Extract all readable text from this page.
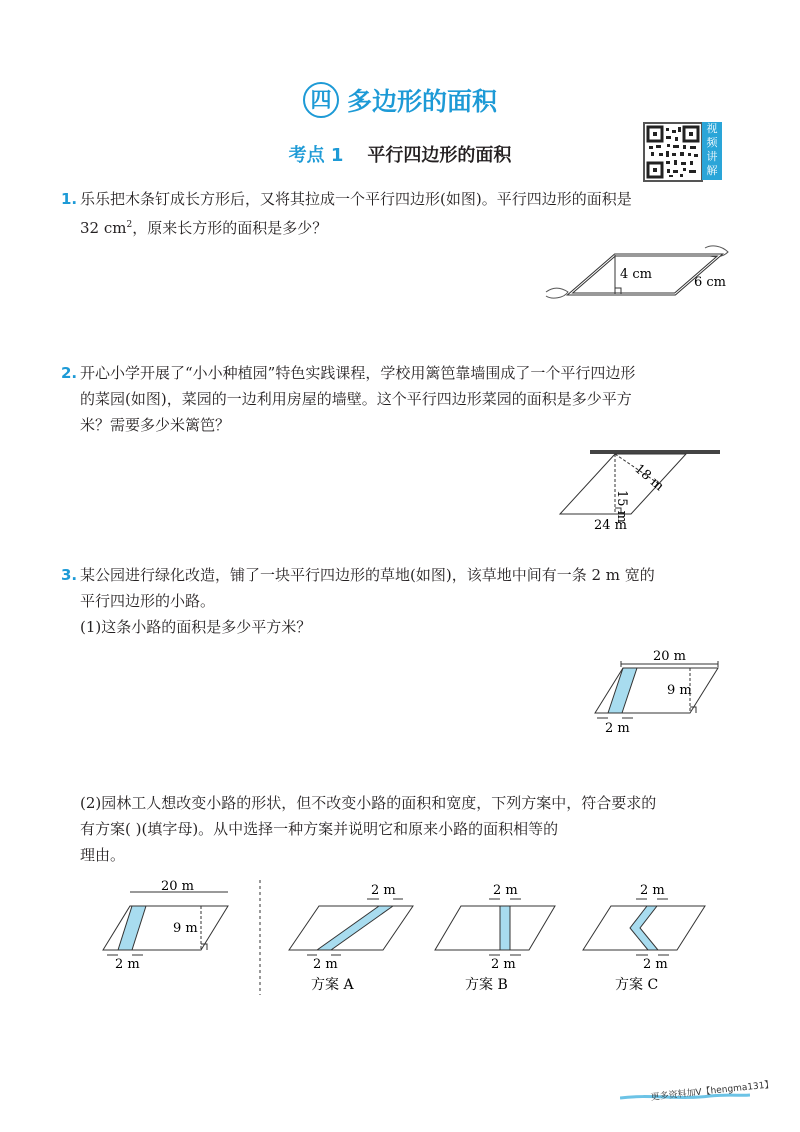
四 多边形的面积
考点 1 平行四边形的面积
视
频
讲
解
1. 乐乐把木条钉成长方形后，又将其拉成一个平行四边形(如图)。平行四边形的面积是
32 $cm^2$，原来长方形的面积是多少？
4 cm
6 cm
2. 开心小学开展了“小小种植园”特色实践课程，学校用篱笆靠墙围成了一个平行四边形
的菜园(如图)，菜园的一边利用房屋的墙壁。这个平行四边形菜园的面积是多少平方
米？需要多少米篱笆？
15 m
18 m
24 m
3. 某公园进行绿化改造，铺了一块平行四边形的草地(如图)，该草地中间有一条 2 m 宽的
平行四边形的小路。
(1)这条小路的面积是多少平方米？
20 m
9 m
2 m
(2)园林工人想改变小路的形状，但不改变小路的面积和宽度，下列方案中，符合要求的
有方案( )(填字母)。从中选择一种方案并说明它和原来小路的面积相等的
理由。
20 m
9 m
2 m
2 m
2 m
方案 A
2 m
2 m
方案 B
2 m
2 m
方案 C
更多资料加V【hengma131】
